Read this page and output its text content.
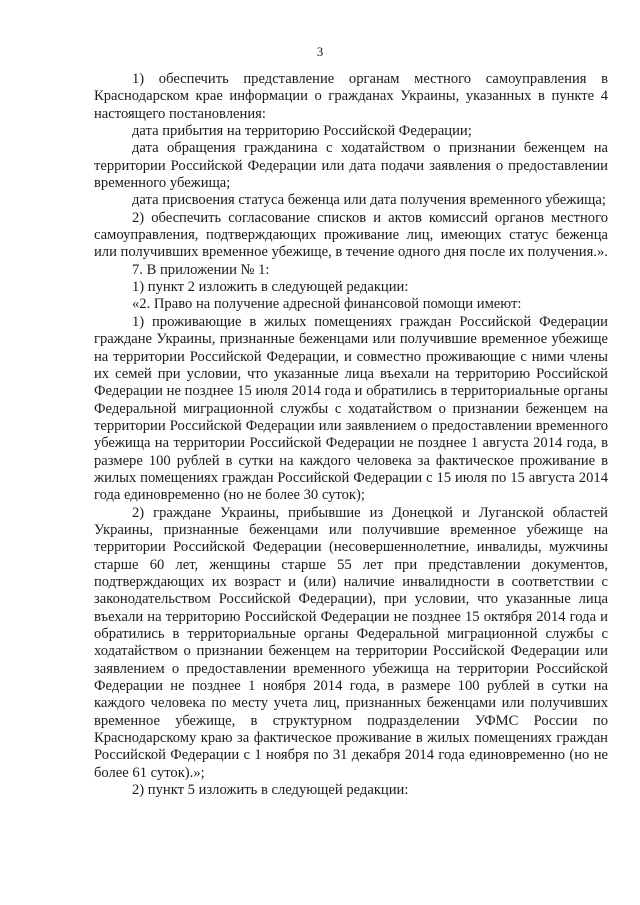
3

1) обеспечить представление органам местного самоуправления в Краснодарском крае информации о гражданах Украины, указанных в пункте 4 настоящего постановления:

дата прибытия на территорию Российской Федерации;

дата обращения гражданина с ходатайством о признании беженцем на территории Российской Федерации или дата подачи заявления о предоставлении временного убежища;

дата присвоения статуса беженца или дата получения временного убежища;

2) обеспечить согласование списков и актов комиссий органов местного самоуправления, подтверждающих проживание лиц, имеющих статус беженца или получивших временное убежище, в течение одного дня после их получения.».

7. В приложении № 1:

1) пункт 2 изложить в следующей редакции:

«2. Право на получение адресной финансовой помощи имеют:

1) проживающие в жилых помещениях граждан Российской Федерации граждане Украины, признанные беженцами или получившие временное убежище на территории Российской Федерации, и совместно проживающие с ними члены их семей при условии, что указанные лица въехали на территорию Российской Федерации не позднее 15 июля 2014 года и обратились в территориальные органы Федеральной миграционной службы с ходатайством о признании беженцем на территории Российской Федерации или заявлением о предоставлении временного убежища на территории Российской Федерации не позднее 1 августа 2014 года, в размере 100 рублей в сутки на каждого человека за фактическое проживание в жилых помещениях граждан Российской Федерации с 15 июля по 15 августа 2014 года единовременно (но не более 30 суток);

2) граждане Украины, прибывшие из Донецкой и Луганской областей Украины, признанные беженцами или получившие временное убежище на территории Российской Федерации (несовершеннолетние, инвалиды, мужчины старше 60 лет, женщины старше 55 лет при представлении документов, подтверждающих их возраст и (или) наличие инвалидности в соответствии с законодательством Российской Федерации), при условии, что указанные лица въехали на территорию Российской Федерации не позднее 15 октября 2014 года и обратились в территориальные органы Федеральной миграционной службы с ходатайством о признании беженцем на территории Российской Федерации или заявлением о предоставлении временного убежища на территории Российской Федерации не позднее 1 ноября 2014 года, в размере 100 рублей в сутки на каждого человека по месту учета лиц, признанных беженцами или получивших временное убежище, в структурном подразделении УФМС России по Краснодарскому краю за фактическое проживание в жилых помещениях граждан Российской Федерации с 1 ноября по 31 декабря 2014 года единовременно (но не более 61 суток).»;

2) пункт 5 изложить в следующей редакции:
